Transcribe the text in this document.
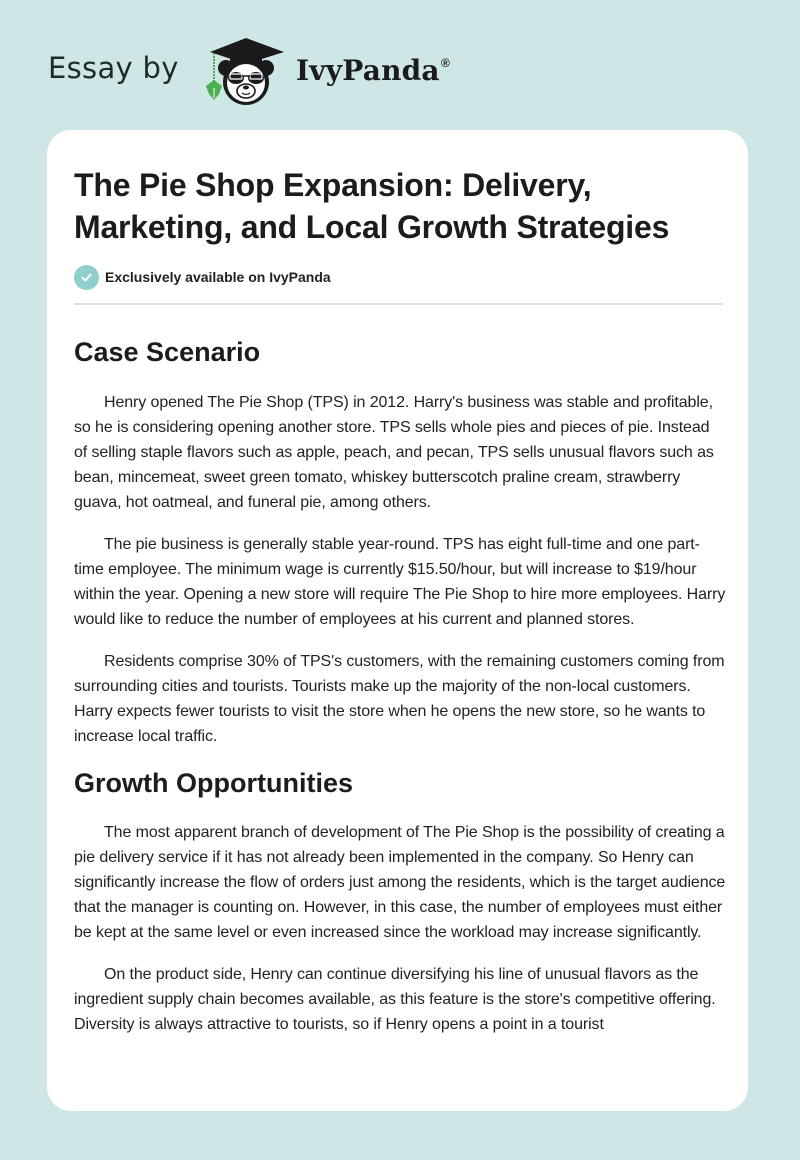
Essay by	IvyPanda ®
The Pie Shop Expansion: Delivery, Marketing, and Local Growth Strategies
Exclusively available on IvyPanda
Case Scenario

Henry opened The Pie Shop (TPS) in 2012. Harry's business was stable and profitable, so he is considering opening another store. TPS sells whole pies and pieces of pie. Instead of selling staple flavors such as apple, peach, and pecan, TPS sells unusual flavors such as bean, mincemeat, sweet green tomato, whiskey butterscotch praline cream, strawberry guava, hot oatmeal, and funeral pie, among others.

The pie business is generally stable year-round. TPS has eight full-time and one part-time employee. The minimum wage is currently $15.50/hour, but will increase to $19/hour within the year. Opening a new store will require The Pie Shop to hire more employees. Harry would like to reduce the number of employees at his current and planned stores.

Residents comprise 30% of TPS's customers, with the remaining customers coming from surrounding cities and tourists. Tourists make up the majority of the non-local customers. Harry expects fewer tourists to visit the store when he opens the new store, so he wants to increase local traffic.

Growth Opportunities

The most apparent branch of development of The Pie Shop is the possibility of creating a pie delivery service if it has not already been implemented in the company. So Henry can significantly increase the flow of orders just among the residents, which is the target audience that the manager is counting on. However, in this case, the number of employees must either be kept at the same level or even increased since the workload may increase significantly.

On the product side, Henry can continue diversifying his line of unusual flavors as the ingredient supply chain becomes available, as this feature is the store's competitive offering. Diversity is always attractive to tourists, so if Henry opens a point in a tourist
